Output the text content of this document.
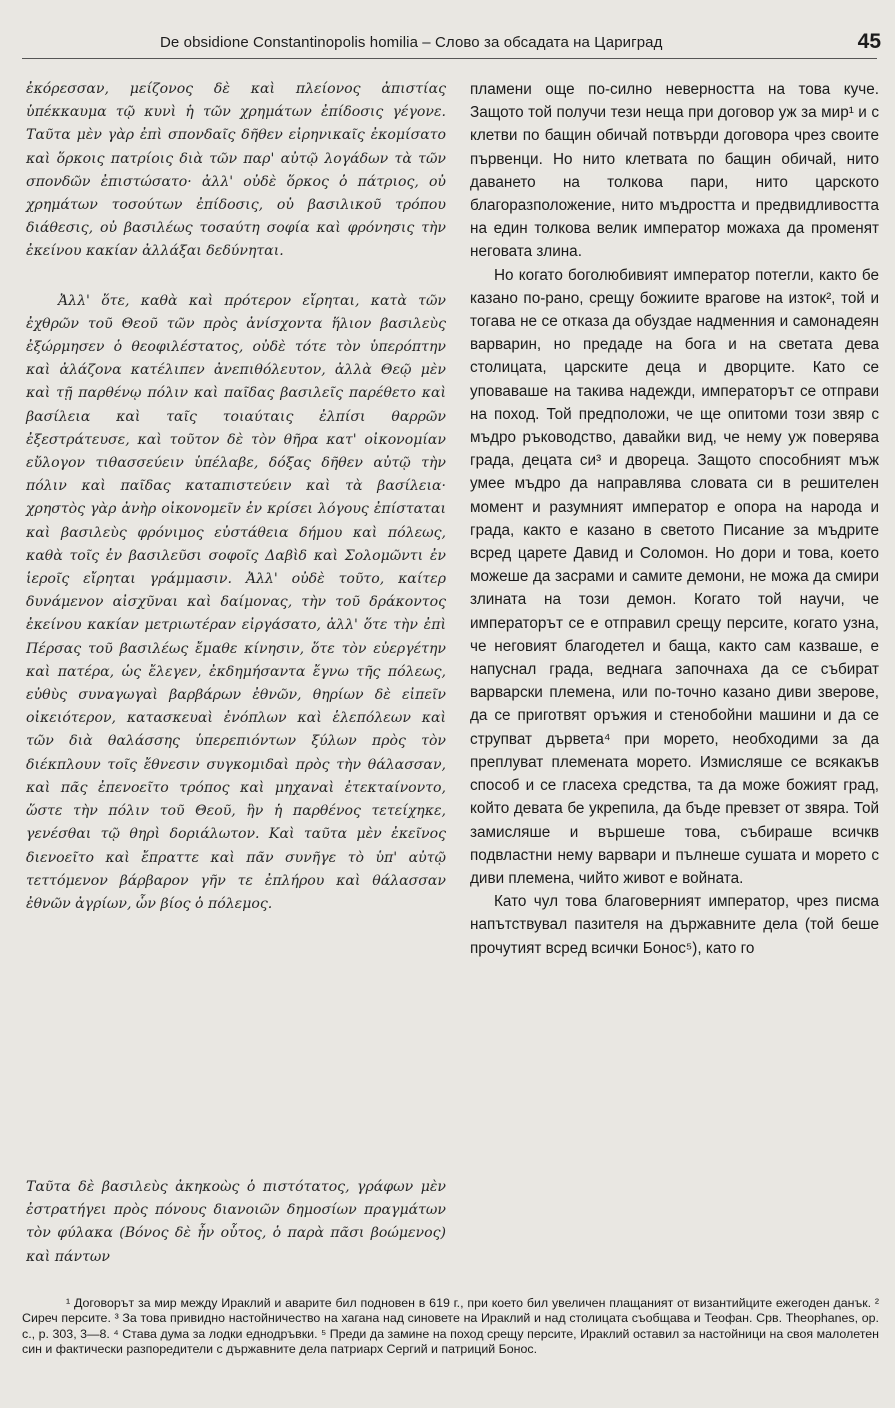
De obsidione Constantinopolis homilia – Слово за обсадата на Цариград	45

ἐκόρεσσαν, μείζονος δὲ καὶ πλείονος ἀπιστίας ὑπέκκαυμα τῷ κυνὶ ἡ τῶν χρημάτων ἐπίδοσις γέγονε. Ταῦτα μὲν γὰρ ἐπὶ σπονδαῖς δῆθεν εἰρηνικαῖς ἐκομίσατο καὶ ὅρκοις πατρίοις διὰ τῶν παρ' αὐτῷ λογάδων τὰ τῶν σπονδῶν ἐπιστώσατο· ἀλλ' οὐδὲ ὅρκος ὁ πάτριος, οὐ χρημάτων τοσούτων ἐπίδοσις, οὐ βασιλικοῦ τρόπου διάθεσις, οὐ βασιλέως τοσαύτη σοφία καὶ φρόνησις τὴν ἐκείνου κακίαν ἀλλάξαι δεδύνηται.

Ἀλλ' ὅτε, καθὰ καὶ πρότερον εἴρηται, κατὰ τῶν ἐχθρῶν τοῦ Θεοῦ τῶν πρὸς ἀνίσχοντα ἥλιον βασιλεὺς ἐξώρμησεν ὁ θεοφιλέστατος, οὐδὲ τότε τὸν ὑπερόπτην καὶ ἀλάζονα κατέλιπεν ἀνεπιθόλευτον, ἀλλὰ Θεῷ μὲν καὶ τῇ παρθένῳ πόλιν καὶ παῖδας βασιλεῖς παρέθετο καὶ βασίλεια καὶ ταῖς τοιαύταις ἐλπίσι θαρρῶν ἐξεστράτευσε, καὶ τοῦτον δὲ τὸν θῆρα κατ' οἰκονομίαν εὔλογον τιθασσεύειν ὑπέλαβε, δόξας δῆθεν αὐτῷ τὴν πόλιν καὶ παῖδας καταπιστεύειν καὶ τὰ βασίλεια· χρηστὸς γὰρ ἀνὴρ οἰκονομεῖν ἐν κρίσει λόγους ἐπίσταται καὶ βασιλεὺς φρόνιμος εὐστάθεια δήμου καὶ πόλεως, καθὰ τοῖς ἐν βασιλεῦσι σοφοῖς Δαβὶδ καὶ Σολομῶντι ἐν ἱεροῖς εἴρηται γράμμασιν. Ἀλλ' οὐδὲ τοῦτο, καίτερ δυνάμενον αἰσχῦναι καὶ δαίμονας, τὴν τοῦ δράκοντος ἐκείνου κακίαν μετριωτέραν εἰργάσατο, ἀλλ' ὅτε τὴν ἐπὶ Πέρσας τοῦ βασιλέως ἔμαθε κίνησιν, ὅτε τὸν εὐεργέτην καὶ πατέρα, ὡς ἔλεγεν, ἐκδημήσαντα ἔγνω τῆς πόλεως, εὐθὺς συναγωγαὶ βαρβάρων ἐθνῶν, θηρίων δὲ εἰπεῖν οἰκειότερον, κατασκευαὶ ἐνόπλων καὶ ἑλεπόλεων καὶ τῶν διὰ θαλάσσης ὑπερεπιόντων ξύλων πρὸς τὸν διέκπλουν τοῖς ἔθνεσιν συγκομιδαὶ πρὸς τὴν θάλασσαν, καὶ πᾶς ἐπενοεῖτο τρόπος καὶ μηχαναὶ ἐτεκταίνοντο, ὥστε τὴν πόλιν τοῦ Θεοῦ, ἣν ἡ παρθένος τετείχηκε, γενέσθαι τῷ θηρὶ δοριάλωτον. Καὶ ταῦτα μὲν ἐκεῖνος διενοεῖτο καὶ ἔπραττε καὶ πᾶν συνῆγε τὸ ὑπ' αὐτῷ τεττόμενον βάρβαρον γῆν τε ἐπλήρου καὶ θάλασσαν ἐθνῶν ἀγρίων, ὧν βίος ὁ πόλεμος.

Ταῦτα δὲ βασιλεὺς ἀκηκοὼς ὁ πιστότατος, γράφων μὲν ἐστρατήγει πρὸς πόνους διανοιῶν δημοσίων πραγμάτων τὸν φύλακα (Βόνος δὲ ἦν οὗτος, ὁ παρὰ πᾶσι βοώμενος) καὶ πάντων

пламени още по-силно неверността на това куче. Защото той получи тези неща при договор уж за мир¹ и с клетви по бащин обичай потвърди договора чрез своите първенци. Но нито клетвата по бащин обичай, нито даването на толкова пари, нито царското благоразположение, нито мъдростта и предвидливостта на един толкова велик император можаха да променят неговата злина.

Но когато боголюбивият император потегли, както бе казано по-рано, срещу божиите врагове на изток², той и тогава не се отказа да обуздае надменния и самонадеян варварин, но предаде на бога и на светата дева столицата, царските деца и дворците. Като се уповаваше на такива надежди, императорът се отправи на поход. Той предположи, че ще опитоми този звяр с мъдро ръководство, давайки вид, че нему уж поверява града, децата си³ и двореца. Защото способният мъж умее мъдро да направлява словата си в решителен момент и разумният император е опора на народа и града, както е казано в светото Писание за мъдрите всред царете Давид и Соломон. Но дори и това, което можеше да засрами и самите демони, не можа да смири злината на този демон. Когато той научи, че императорът се е отправил срещу персите, когато узна, че неговият благодетел и баща, както сам казваше, е напуснал града, веднага започнаха да се събират варварски племена, или по-точно казано диви зверове, да се приготвят оръжия и стенобойни машини и да се струпват дървета⁴ при морето, необходими за да преплуват племената морето. Измисляше се всякакъв способ и се гласеха средства, та да може божият град, който девата бе укрепила, да бъде превзет от звяра. Той замисляше и вършеше това, събираше всичкв подвластни нему варвари и пълнеше сушата и морето с диви племена, чийто живот е войната.

Като чул това благоверният император, чрез писма напътствувал пазителя на държавните дела (той беше прочутият всред всички Бонос⁵), като го

¹ Договорът за мир между Ираклий и аварите бил подновен в 619 г., при което бил увеличен плащаният от византийците ежегоден данък. ² Сиреч персите. ³ За това привидно настойничество на хагана над синовете на Ираклий и над столицата съобщава и Теофан. Срв. Theophanes, op. c., p. 303, 3—8. ⁴ Става дума за лодки еднодръвки. ⁵ Преди да замине на поход срещу персите, Ираклий оставил за настойници на своя малолетен син и фактически разпоредители с държавните дела патриарх Сергий и патриций Бонос.
